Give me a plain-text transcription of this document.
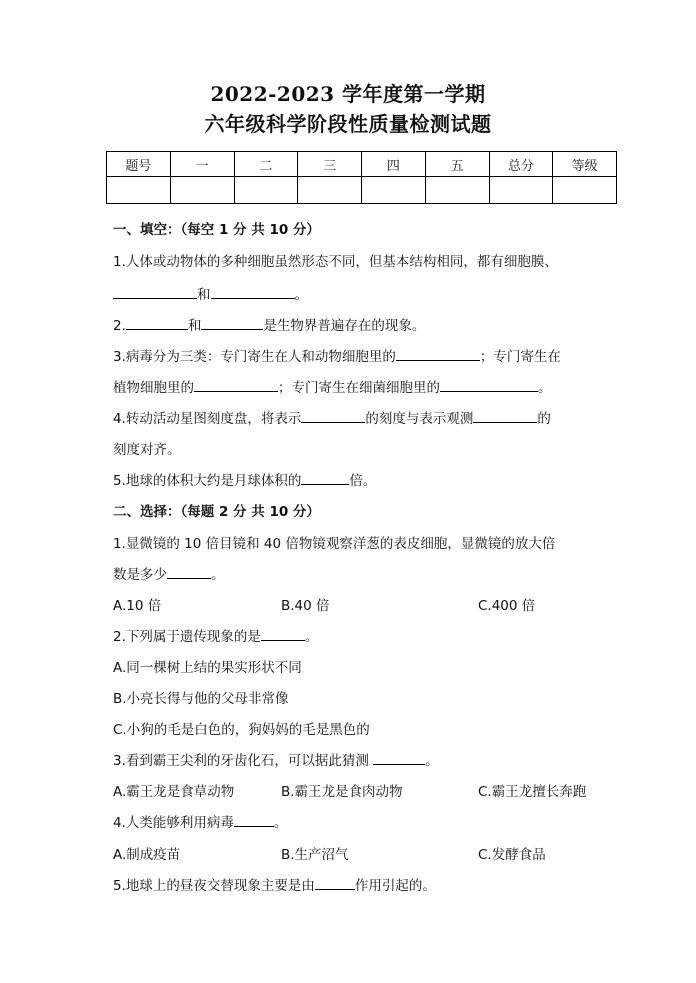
2022-2023 学年度第一学期
六年级科学阶段性质量检测试题
题号	一	二	三	四	五	总分	等级

一、填空：（每空 1 分 共 10 分）
1.人体或动物体的多种细胞虽然形态不同，但基本结构相同，都有细胞膜、
和	。
2.	和	是生物界普遍存在的现象。
3.病毒分为三类：专门寄生在人和动物细胞里的	；专门寄生在
植物细胞里的	；专门寄生在细菌细胞里的	。
4.转动活动星图刻度盘，将表示	的刻度与表示观测	的
刻度对齐。
5.地球的体积大约是月球体积的	倍。
二、选择：（每题 2 分 共 10 分）
1.显微镜的 10 倍目镜和 40 倍物镜观察洋葱的表皮细胞，显微镜的放大倍
数是多少	。
A.10 倍	B.40 倍	C.400 倍
2.下列属于遗传现象的是	。
A.同一棵树上结的果实形状不同
B.小亮长得与他的父母非常像
C.小狗的毛是白色的，狗妈妈的毛是黑色的
3.看到霸王尖利的牙齿化石，可以据此猜测	。
A.霸王龙是食草动物	B.霸王龙是食肉动物	C.霸王龙擅长奔跑
4.人类能够利用病毒	。
A.制成疫苗	B.生产沼气	C.发酵食品
5.地球上的昼夜交替现象主要是由	作用引起的。
